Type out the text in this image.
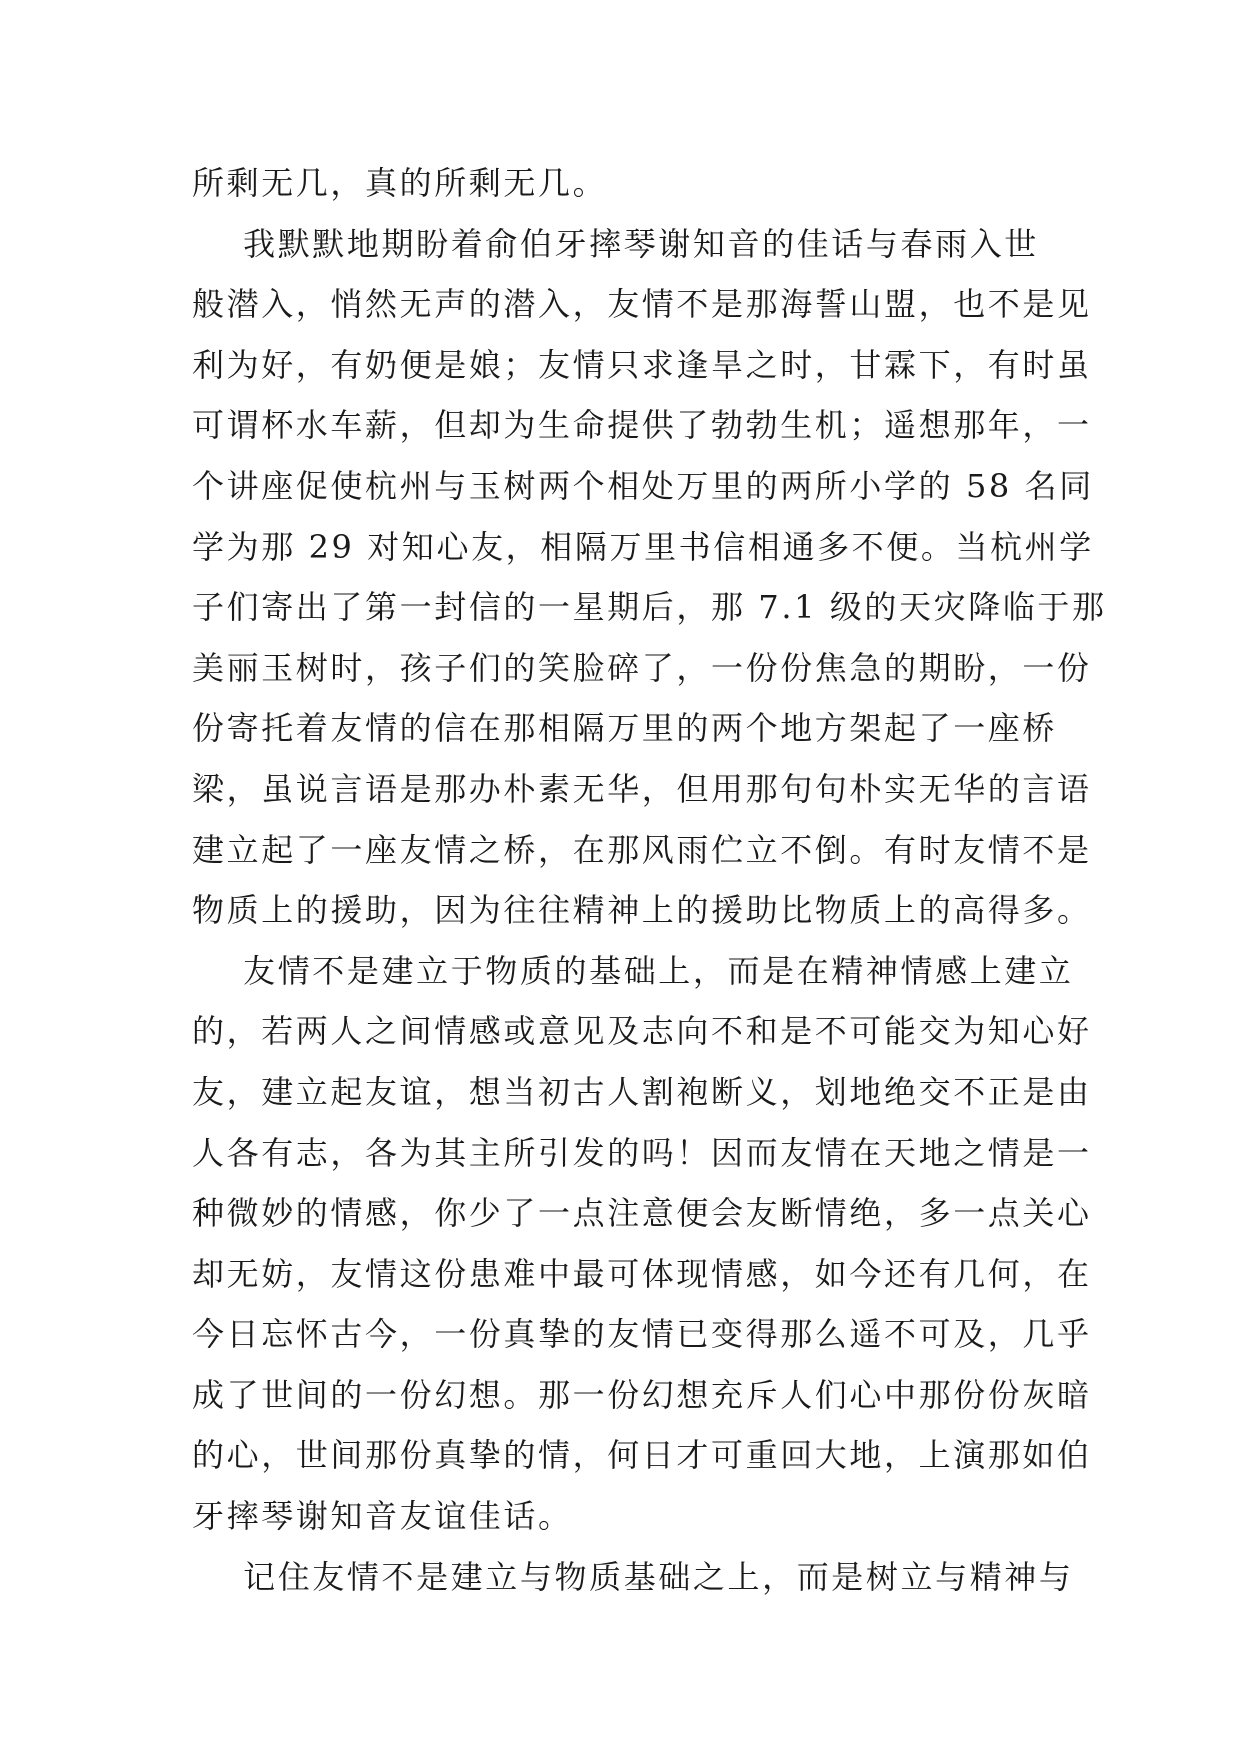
所剩无几，真的所剩无几。
我默默地期盼着俞伯牙摔琴谢知音的佳话与春雨入世
般潜入，悄然无声的潜入，友情不是那海誓山盟，也不是见
利为好，有奶便是娘；友情只求逢旱之时，甘霖下，有时虽
可谓杯水车薪，但却为生命提供了勃勃生机；遥想那年，一
个讲座促使杭州与玉树两个相处万里的两所小学的 58 名同
学为那 29 对知心友，相隔万里书信相通多不便。当杭州学
子们寄出了第一封信的一星期后，那 7.1 级的天灾降临于那
美丽玉树时，孩子们的笑脸碎了，一份份焦急的期盼，一份
份寄托着友情的信在那相隔万里的两个地方架起了一座桥
梁，虽说言语是那办朴素无华，但用那句句朴实无华的言语
建立起了一座友情之桥，在那风雨伫立不倒。有时友情不是
物质上的援助，因为往往精神上的援助比物质上的高得多。
友情不是建立于物质的基础上，而是在精神情感上建立
的，若两人之间情感或意见及志向不和是不可能交为知心好
友，建立起友谊，想当初古人割袍断义，划地绝交不正是由
人各有志，各为其主所引发的吗！因而友情在天地之情是一
种微妙的情感，你少了一点注意便会友断情绝，多一点关心
却无妨，友情这份患难中最可体现情感，如今还有几何，在
今日忘怀古今，一份真挚的友情已变得那么遥不可及，几乎
成了世间的一份幻想。那一份幻想充斥人们心中那份份灰暗
的心，世间那份真挚的情，何日才可重回大地，上演那如伯
牙摔琴谢知音友谊佳话。
记住友情不是建立与物质基础之上，而是树立与精神与
